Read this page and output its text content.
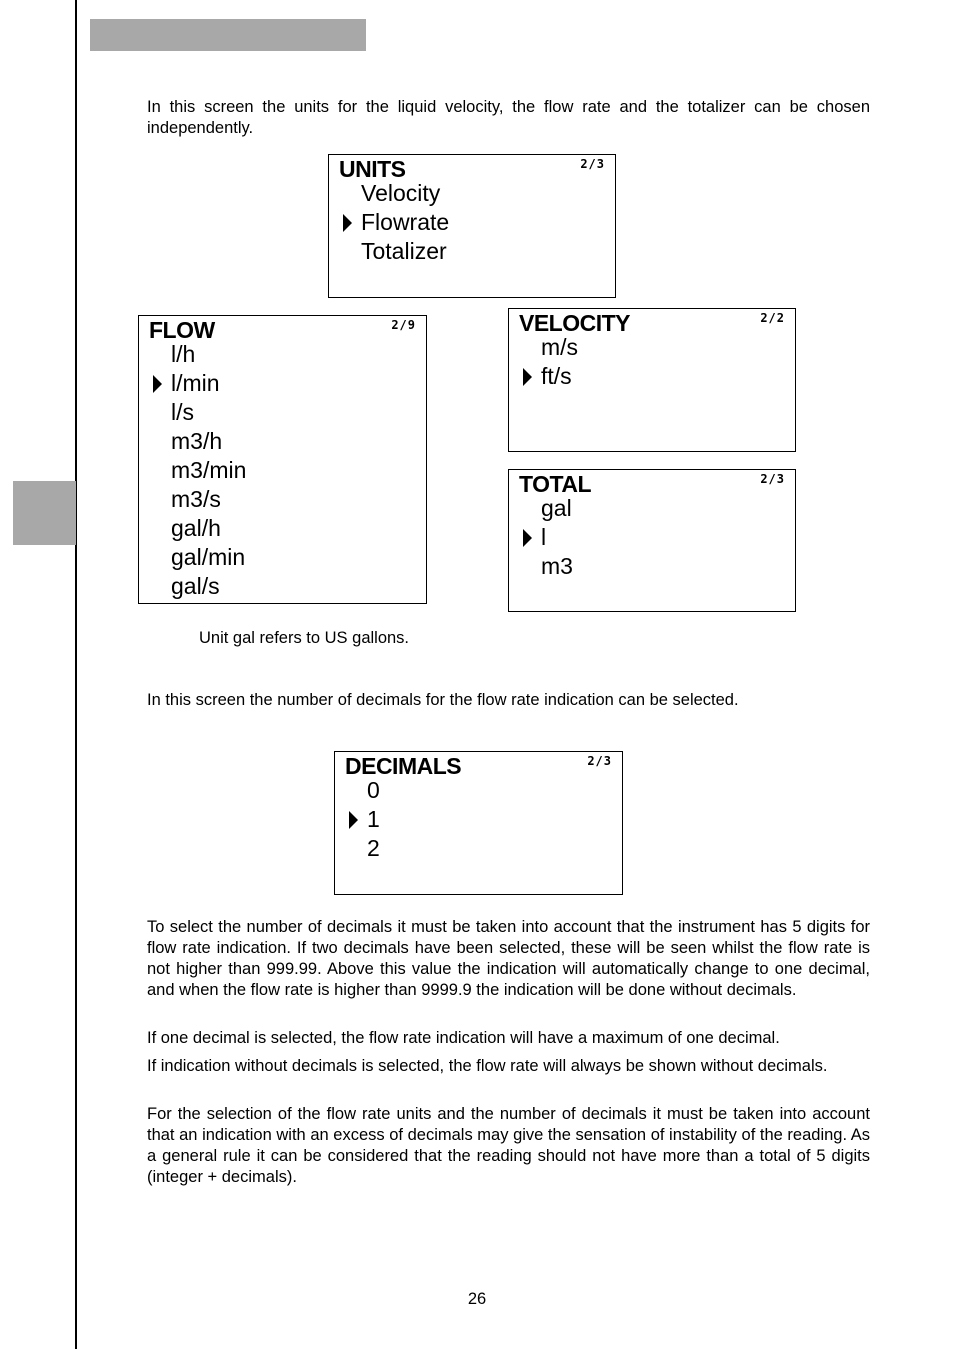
In this screen the units for the liquid velocity, the flow rate and the totalizer can be chosen independently.

UNITS	2/3
Velocity
Flowrate
Totalizer
FLOW	2/9
l/h
l/min
l/s
m3/h
m3/min
m3/s
gal/h
gal/min
gal/s
VELOCITY	2/2
m/s
ft/s
TOTAL	2/3
gal
l
m3

Unit gal refers to US gallons.

In this screen the number of decimals for the flow rate indication can be selected.

DECIMALS	2/3
0
1
2

To select the number of decimals it must be taken into account that the instrument has 5 digits for flow rate indication. If two decimals have been selected, these will be seen whilst the flow rate is not higher than 999.99. Above this value the indication will automatically change to one decimal, and when the flow rate is higher than 9999.9 the indication will be done without decimals.

If one decimal is selected, the flow rate indication will have a maximum of one decimal.

If indication without decimals is selected, the flow rate will always be shown without decimals.

For the selection of the flow rate units and the number of decimals it must be taken into account that an indication with an excess of decimals may give the sensation of instability of the reading. As a general rule it can be considered that the reading should not have more than a total of 5 digits (integer + decimals).

26
